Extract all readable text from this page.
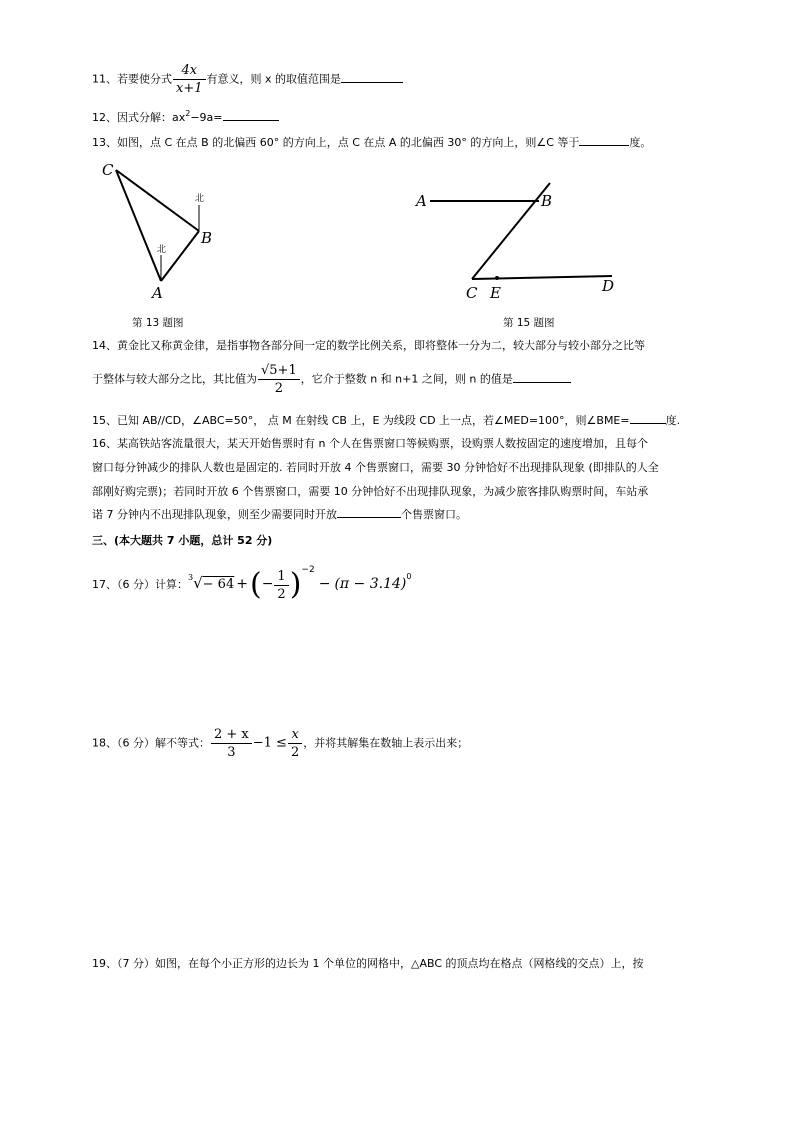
11、若要使分式 $\frac{4x}{x+1}$ 有意义，则 x 的取值范围是
12、因式分解：$ax^2-9a=$
13、如图，点 C 在点 B 的北偏西 60° 的方向上，点 C 在点 A 的北偏西 30° 的方向上，则∠C 等于	度。
C
B
A
北
北
第 13 题图
A	B
C E	D
第 15 题图
14、黄金比又称黄金律，是指事物各部分间一定的数学比例关系，即将整体一分为二，较大部分与较小部分之比等
于整体与较大部分之比，其比值为 $\frac{√5+1}{2}$ ，它介于整数 n 和 n+1 之间，则 n 的值是
15、已知 AB//CD，∠ABC=50°， 点 M 在射线 CB 上，E 为线段 CD 上一点，若∠MED=100°，则∠BME=	度.
16、某高铁站客流量很大，某天开始售票时有 n 个人在售票窗口等候购票，设购票人数按固定的速度增加，且每个
窗口每分钟减少的排队人数也是固定的. 若同时开放 4 个售票窗口，需要 30 分钟恰好不出现排队现象 (即排队的人全
部刚好购完票)；若同时开放 6 个售票窗口，需要 10 分钟恰好不出现排队现象，为减少旅客排队购票时间，车站承
诺 7 分钟内不出现排队现象，则至少需要同时开放	个售票窗口。
三、(本大题共 7 小题，总计 52 分)
17、（6 分）计算：$^3$√− 64 +(− $\frac{1}{2} )^{-2}- (\pi - 3.14)^0$
18、（6 分）解不等式： $\frac{2 + x}{3} -1 \le \frac{x}{2}$ ，并将其解集在数轴上表示出来；
19、（7 分）如图，在每个小正方形的边长为 1 个单位的网格中，△ABC 的顶点均在格点（网格线的交点）上，按
